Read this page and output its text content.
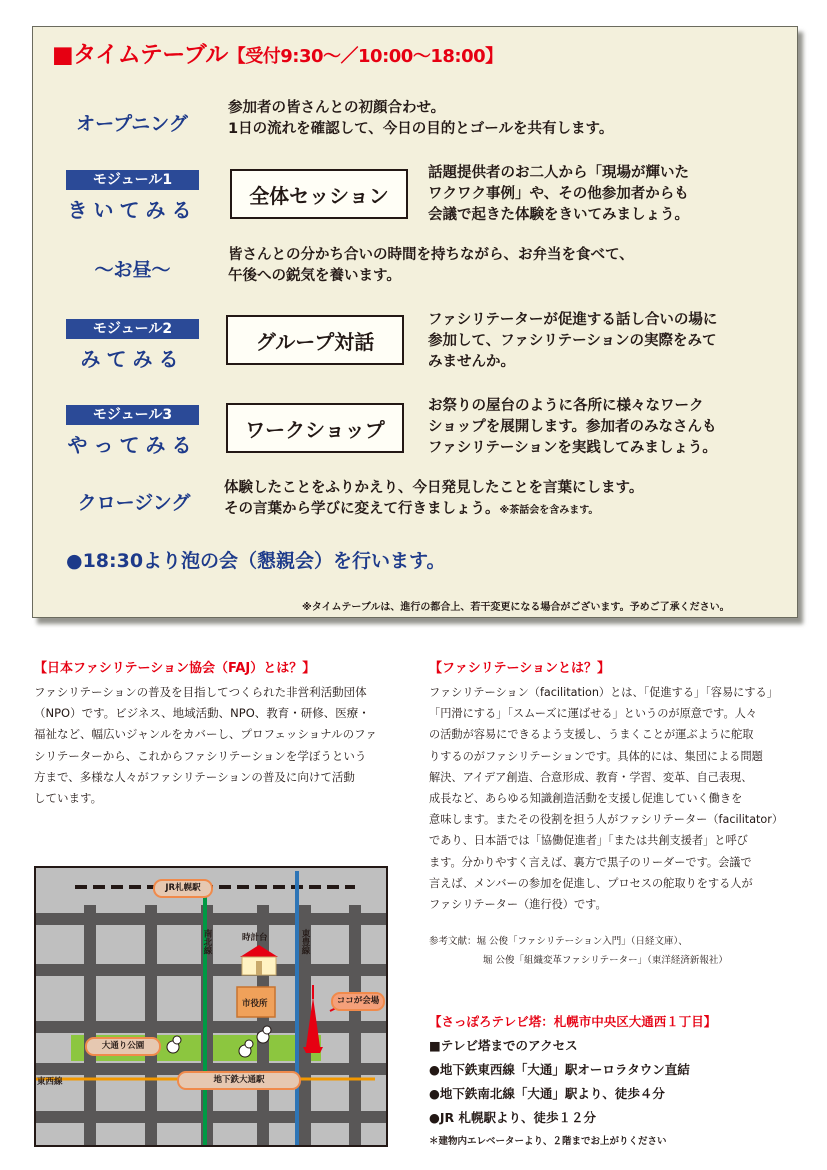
■タイムテーブル【受付9:30〜／10:00〜18:00】
オープニング

参加者の皆さんとの初顔合わせ。
1日の流れを確認して、今日の目的とゴールを共有します。

モジュール1
きいてみる
全体セッション

話題提供者のお二人から「現場が輝いた
ワクワク事例」や、その他参加者からも
会議で起きた体験をきいてみましょう。

〜お昼〜

皆さんとの分かち合いの時間を持ちながら、お弁当を食べて、
午後への鋭気を養います。

モジュール2
みてみる
グループ対話

ファシリテーターが促進する話し合いの場に
参加して、ファシリテーションの実際をみて
みませんか。

モジュール3
やってみる
ワークショップ

お祭りの屋台のように各所に様々なワーク
ショップを展開します。参加者のみなさんも
ファシリテーションを実践してみましょう。

クロージング

体験したことをふりかえり、今日発見したことを言葉にします。
その言葉から学びに変えて行きましょう。※茶話会を含みます。

●18:30より泡の会（懇親会）を行います。

※タイムテーブルは、進行の都合上、若干変更になる場合がございます。予めご了承ください。

【日本ファシリテーション協会（FAJ）とは？】

ファシリテーションの普及を目指してつくられた非営利活動団体
（NPO）です。ビジネス、地域活動、NPO、教育・研修、医療・
福祉など、幅広いジャンルをカバーし、プロフェッショナルのファ
シリテーターから、これからファシリテーションを学ぼうという
方まで、多様な人々がファシリテーションの普及に向けて活動
しています。

【ファシリテーションとは？】

ファシリテーション（facilitation）とは、「促進する」「容易にする」
「円滑にする」「スムーズに運ばせる」というのが原意です。人々
の活動が容易にできるよう支援し、うまくことが運ぶように舵取
りするのがファシリテーションです。具体的には、集団による問題
解決、アイデア創造、合意形成、教育・学習、変革、自己表現、
成長など、あらゆる知識創造活動を支援し促進していく働きを
意味します。またその役割を担う人がファシリテーター（facilitator）
であり、日本語では「協働促進者」「または共創支援者」と呼び
ます。分かりやすく言えば、裏方で黒子のリーダーです。会議で
言えば、メンバーの参加を促進し、プロセスの舵取りをする人が
ファシリテーター（進行役）です。

参考文献：堀 公俊「ファシリテーション入門」（日経文庫）、

堀 公俊「組織変革ファシリテーター」（東洋経済新報社）

【さっぽろテレビ塔：札幌市中央区大通西１丁目】

■テレビ塔までのアクセス

●地下鉄東西線「大通」駅オーロラタウン直結

●地下鉄南北線「大通」駅より、徒歩４分

●JR 札幌駅より、徒歩１２分

＊建物内エレベーターより、２階までお上がりください

JR札幌駅

南北線	東豊線

時計台

市役所	ココが会場
大通り公園
地下鉄大通駅

東西線
